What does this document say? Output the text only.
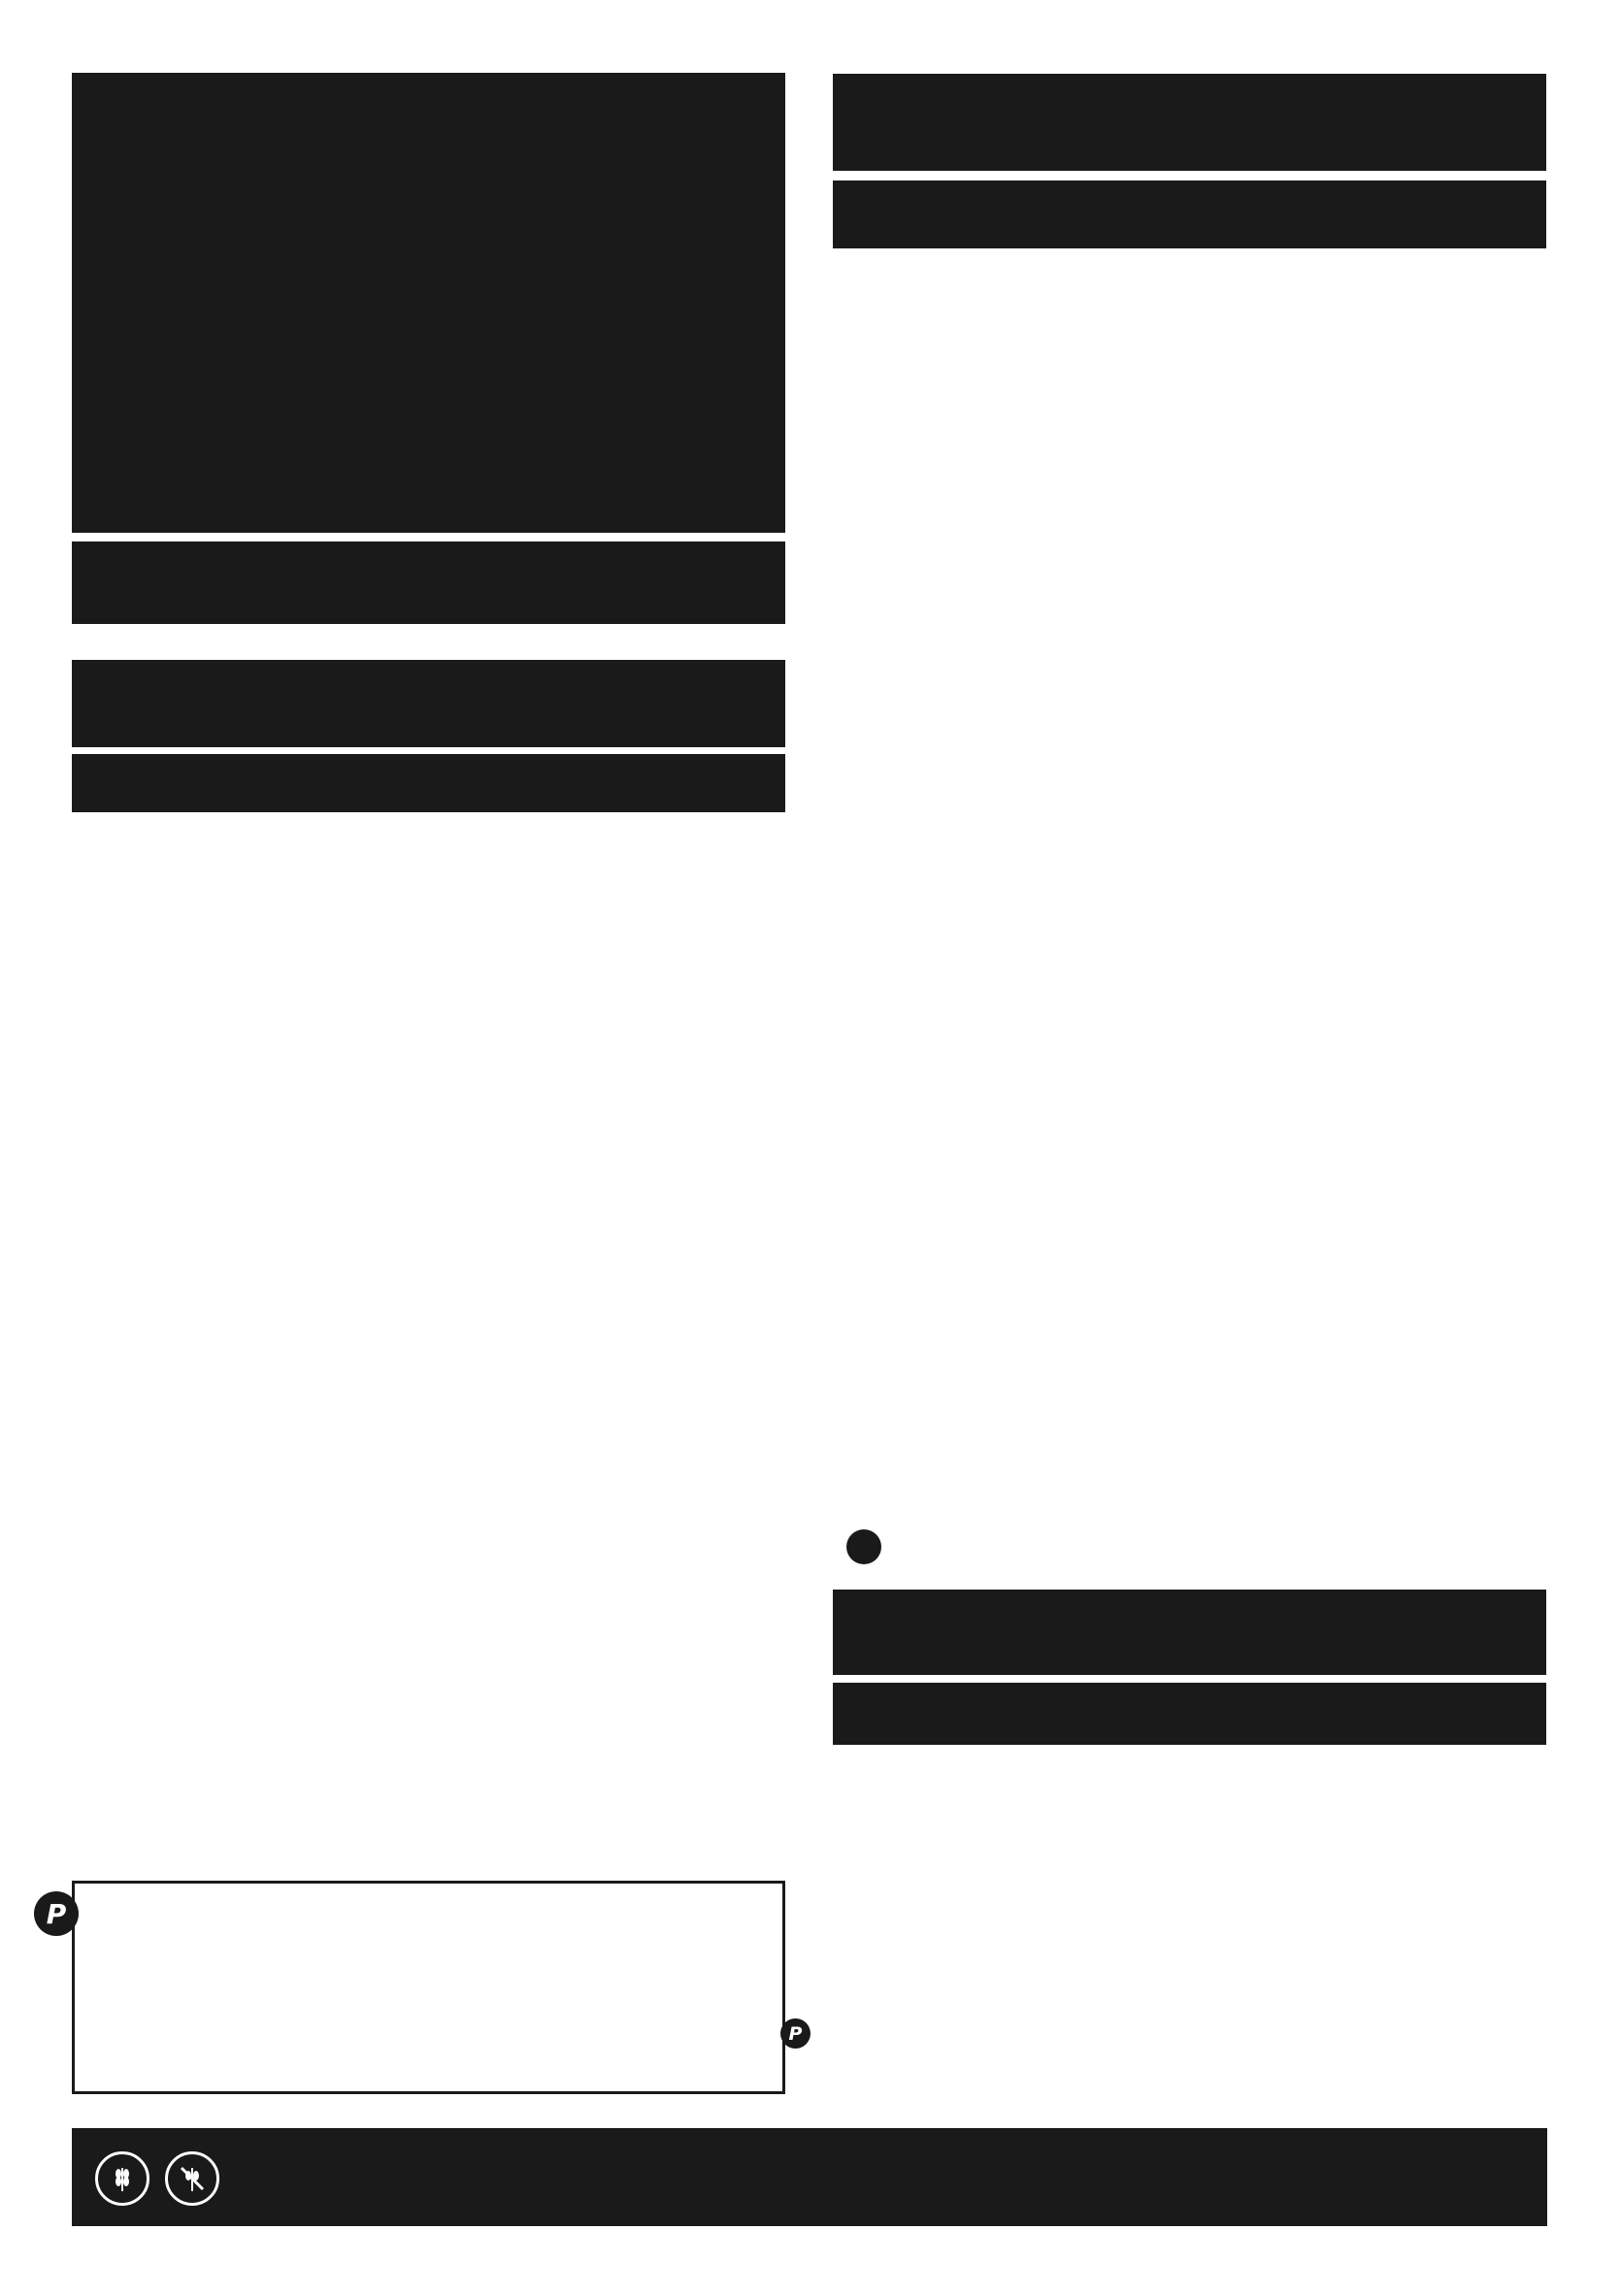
P
P
